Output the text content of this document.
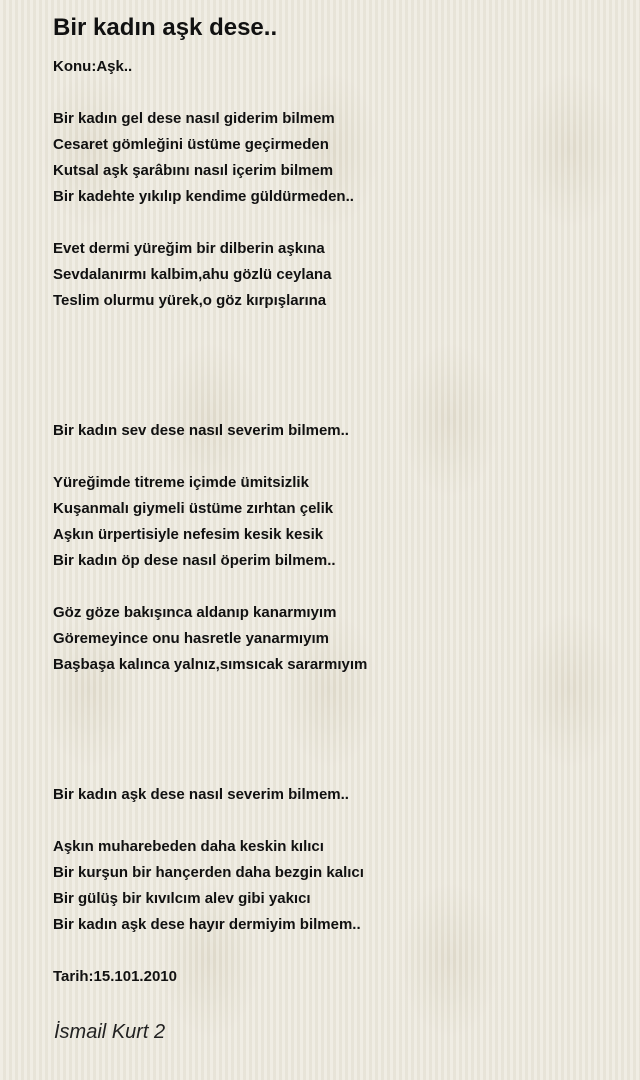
Bir kadın aşk dese..
Konu:Aşk..
Bir kadın gel dese nasıl giderim bilmem
Cesaret gömleğini üstüme geçirmeden
Kutsal aşk şarâbını nasıl içerim bilmem
Bir kadehte yıkılıp kendime güldürmeden..
Evet dermi yüreğim bir dilberin aşkına
Sevdalanırmı kalbim,ahu gözlü ceylana
Teslim olurmu yürek,o göz kırpışlarına
Bir kadın sev dese nasıl severim bilmem..
Yüreğimde titreme içimde ümitsizlik
Kuşanmalı giymeli üstüme zırhtan çelik
Aşkın ürpertisiyle nefesim kesik kesik
Bir kadın öp dese nasıl öperim bilmem..
Göz göze bakışınca aldanıp kanarmıyım
Göremeyince onu hasretle yanarmıyım
Başbaşa kalınca yalnız,sımsıcak sararmıyım
Bir kadın aşk dese nasıl severim bilmem..
Aşkın muharebeden daha keskin kılıcı
Bir kurşun bir hançerden daha bezgin kalıcı
Bir gülüş bir kıvılcım alev gibi yakıcı
Bir kadın aşk dese hayır dermiyim bilmem..
Tarih:15.101.2010
İsmail Kurt 2
